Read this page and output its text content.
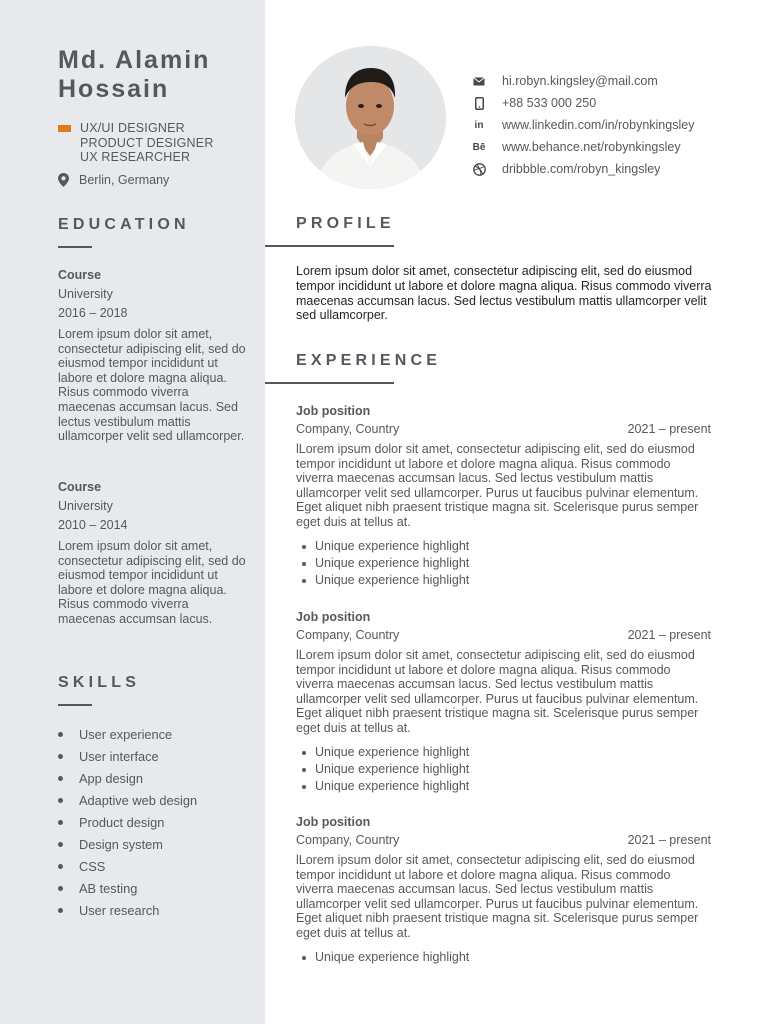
Md. Alamin Hossain
UX/UI DESIGNER
PRODUCT DESIGNER
UX RESEARCHER
Berlin, Germany
EDUCATION
Course
University
2016 – 2018
Lorem ipsum dolor sit amet, consectetur adipiscing elit, sed do eiusmod tempor incididunt ut labore et dolore magna aliqua. Risus commodo viverra maecenas accumsan lacus. Sed lectus vestibulum mattis ullamcorper velit sed ullamcorper.
Course
University
2010 – 2014
Lorem ipsum dolor sit amet, consectetur adipiscing elit, sed do eiusmod tempor incididunt ut labore et dolore magna aliqua. Risus commodo viverra maecenas accumsan lacus.
SKILLS
User experience
User interface
App design
Adaptive web design
Product design
Design system
CSS
AB testing
User research
hi.robyn.kingsley@mail.com
+88 533 000 250
in www.linkedin.com/in/robynkingsley
Bē www.behance.net/robynkingsley
dribbble.com/robyn_kingsley
PROFILE
Lorem ipsum dolor sit amet, consectetur adipiscing elit, sed do eiusmod tempor incididunt ut labore et dolore magna aliqua. Risus commodo viverra maecenas accumsan lacus. Sed lectus vestibulum mattis ullamcorper velit sed ullamcorper.
EXPERIENCE
Job position
Company, Country	2021 – present
lLorem ipsum dolor sit amet, consectetur adipiscing elit, sed do eiusmod tempor incididunt ut labore et dolore magna aliqua. Risus commodo viverra maecenas accumsan lacus. Sed lectus vestibulum mattis ullamcorper velit sed ullamcorper. Purus ut faucibus pulvinar elementum. Eget aliquet nibh praesent tristique magna sit. Scelerisque purus semper eget duis at tellus at.
Unique experience highlight
Unique experience highlight
Unique experience highlight
Job position
Company, Country	2021 – present
lLorem ipsum dolor sit amet, consectetur adipiscing elit, sed do eiusmod tempor incididunt ut labore et dolore magna aliqua. Risus commodo viverra maecenas accumsan lacus. Sed lectus vestibulum mattis ullamcorper velit sed ullamcorper. Purus ut faucibus pulvinar elementum. Eget aliquet nibh praesent tristique magna sit. Scelerisque purus semper eget duis at tellus at.
Unique experience highlight
Unique experience highlight
Unique experience highlight
Job position
Company, Country	2021 – present
lLorem ipsum dolor sit amet, consectetur adipiscing elit, sed do eiusmod tempor incididunt ut labore et dolore magna aliqua. Risus commodo viverra maecenas accumsan lacus. Sed lectus vestibulum mattis ullamcorper velit sed ullamcorper. Purus ut faucibus pulvinar elementum. Eget aliquet nibh praesent tristique magna sit. Scelerisque purus semper eget duis at tellus at.
Unique experience highlight
